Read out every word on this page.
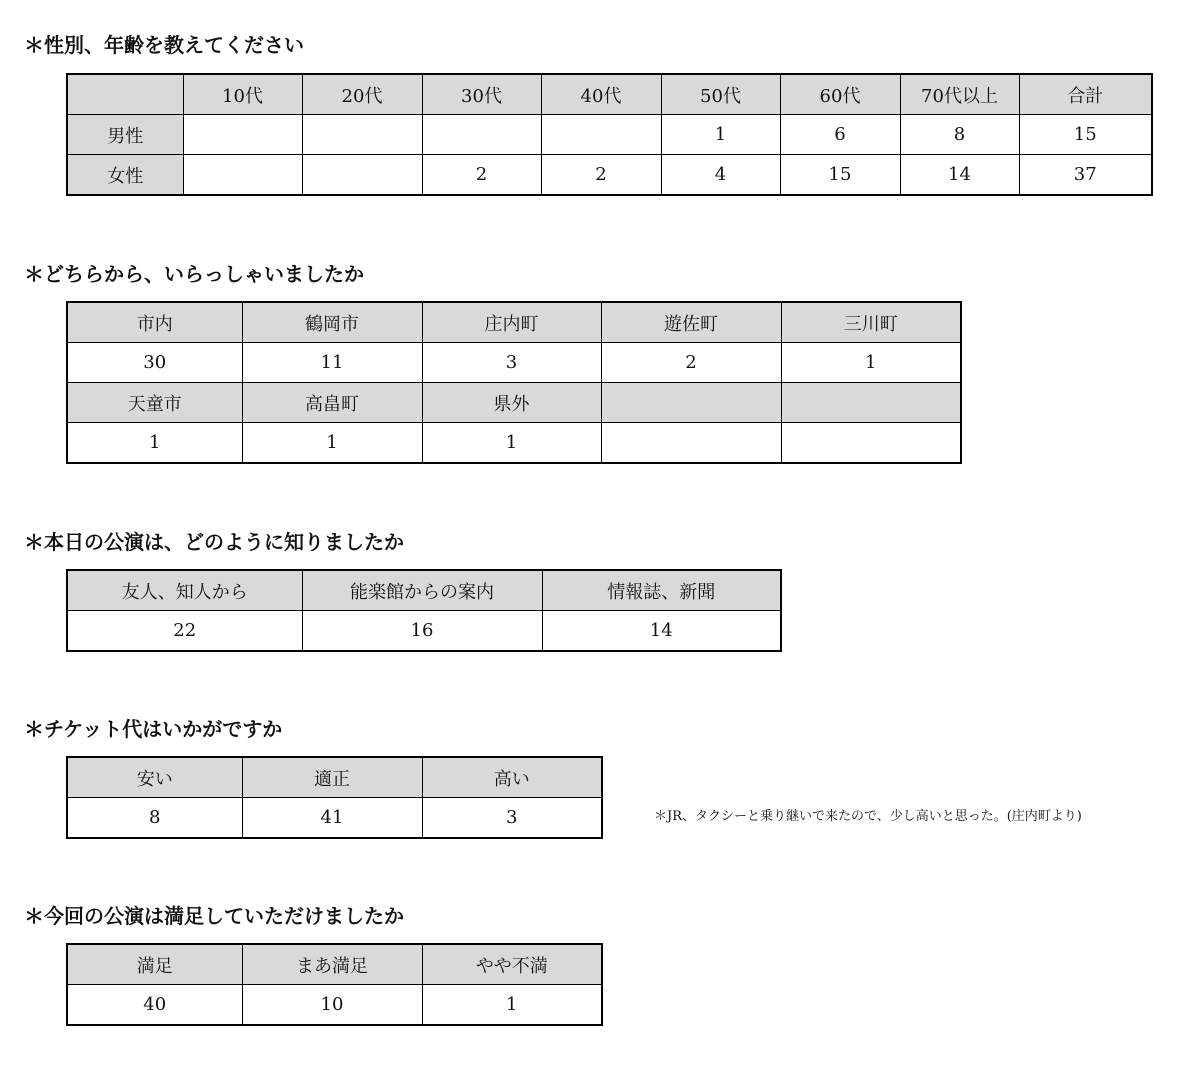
＊性別、年齢を教えてください
	10代	20代	30代	40代	50代	60代	70代以上	合計
男性					1	6	8	15
女性			2	2	4	15	14	37
＊どちらから、いらっしゃいましたか
市内	鶴岡市	庄内町	遊佐町	三川町
30	11	3	2	1
天童市	高畠町	県外		
1	1	1		
＊本日の公演は、どのように知りましたか
友人、知人から	能楽館からの案内	情報誌、新聞
22	16	14
＊チケット代はいかがですか
安い	適正	高い
8	41	3	＊JR、タクシーと乗り継いで来たので、少し高いと思った。(庄内町より)
＊今回の公演は満足していただけましたか
満足	まあ満足	やや不満
40	10	1
